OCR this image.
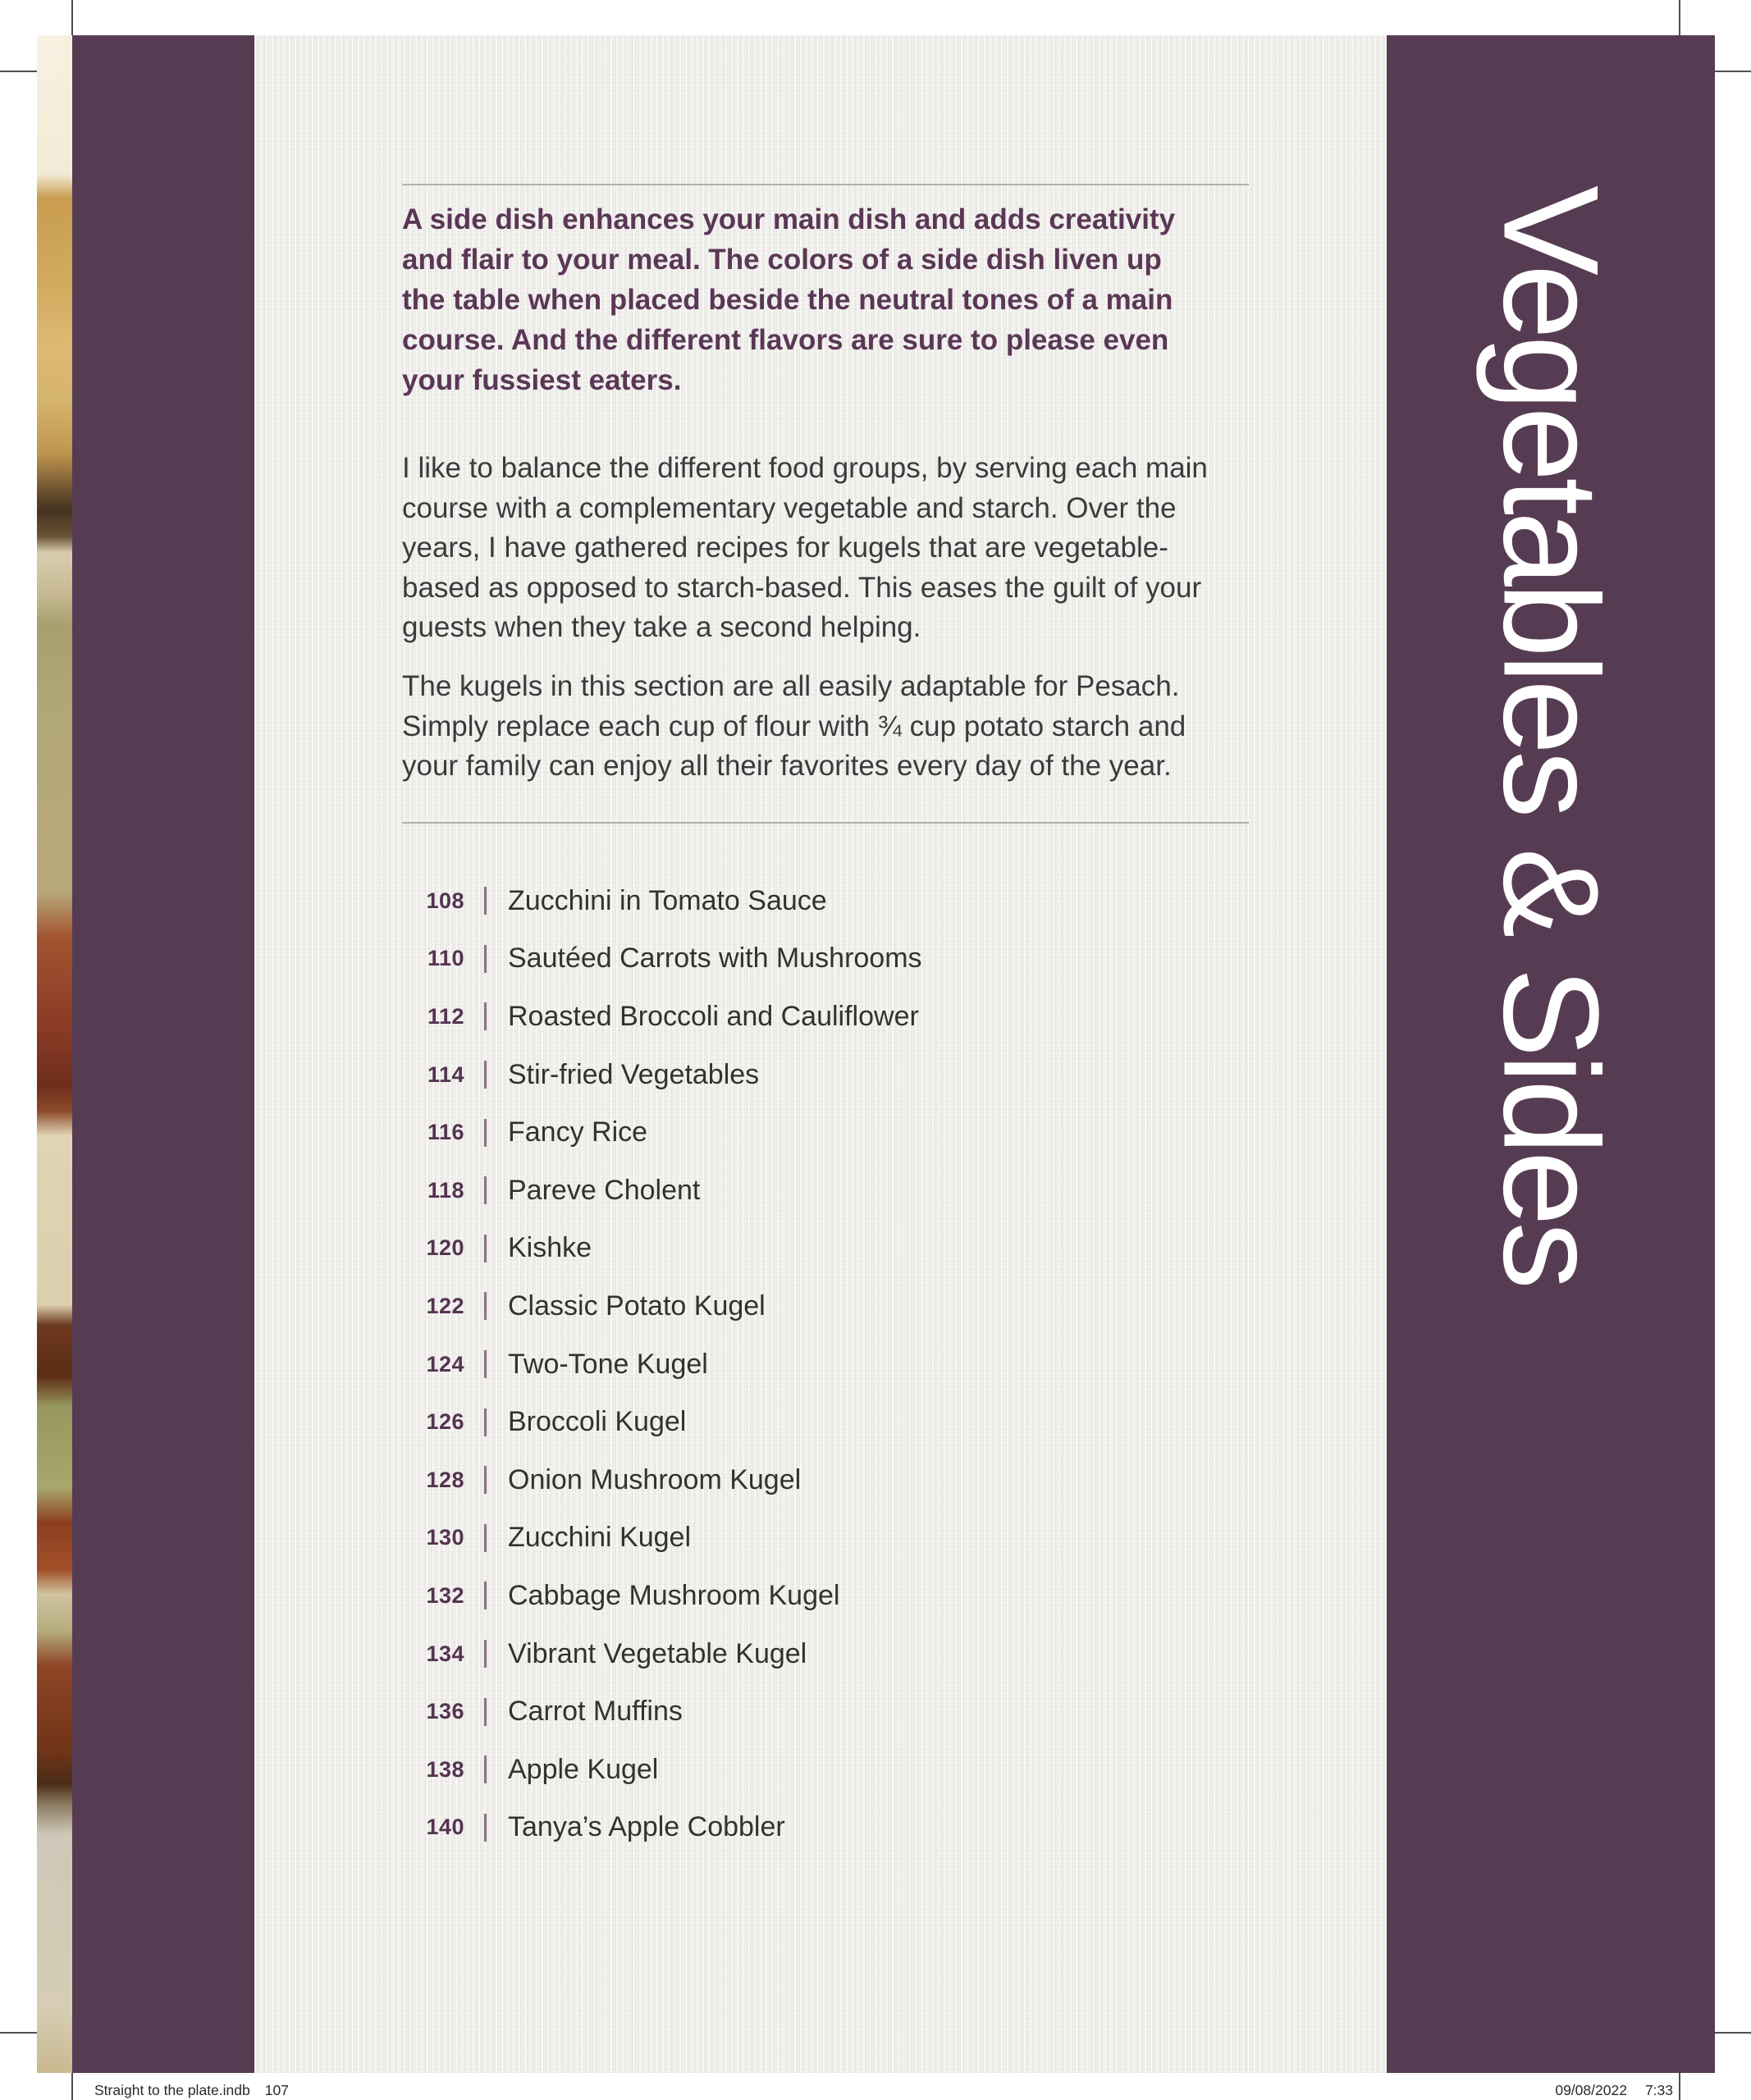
A side dish enhances your main dish and adds creativity
and flair to your meal. The colors of a side dish liven up
the table when placed beside the neutral tones of a main
course. And the different flavors are sure to please even
your fussiest eaters.

I like to balance the different food groups, by serving each main
course with a complementary vegetable and starch. Over the
years, I have gathered recipes for kugels that are vegetable-
based as opposed to starch-based. This eases the guilt of your
guests when they take a second helping.

The kugels in this section are all easily adaptable for Pesach.
Simply replace each cup of flour with ¾ cup potato starch and
your family can enjoy all their favorites every day of the year.

108 Zucchini in Tomato Sauce
110 Sautéed Carrots with Mushrooms
112 Roasted Broccoli and Cauliflower
114 Stir-fried Vegetables
116 Fancy Rice
118 Pareve Cholent
120 Kishke
122 Classic Potato Kugel
124 Two-Tone Kugel
126 Broccoli Kugel
128 Onion Mushroom Kugel
130 Zucchini Kugel
132 Cabbage Mushroom Kugel
134 Vibrant Vegetable Kugel
136 Carrot Muffins
138 Apple Kugel
140 Tanya’s Apple Cobbler
Vegetables & Sides
Straight to the plate.indb 107	09/08/2022 7:33
